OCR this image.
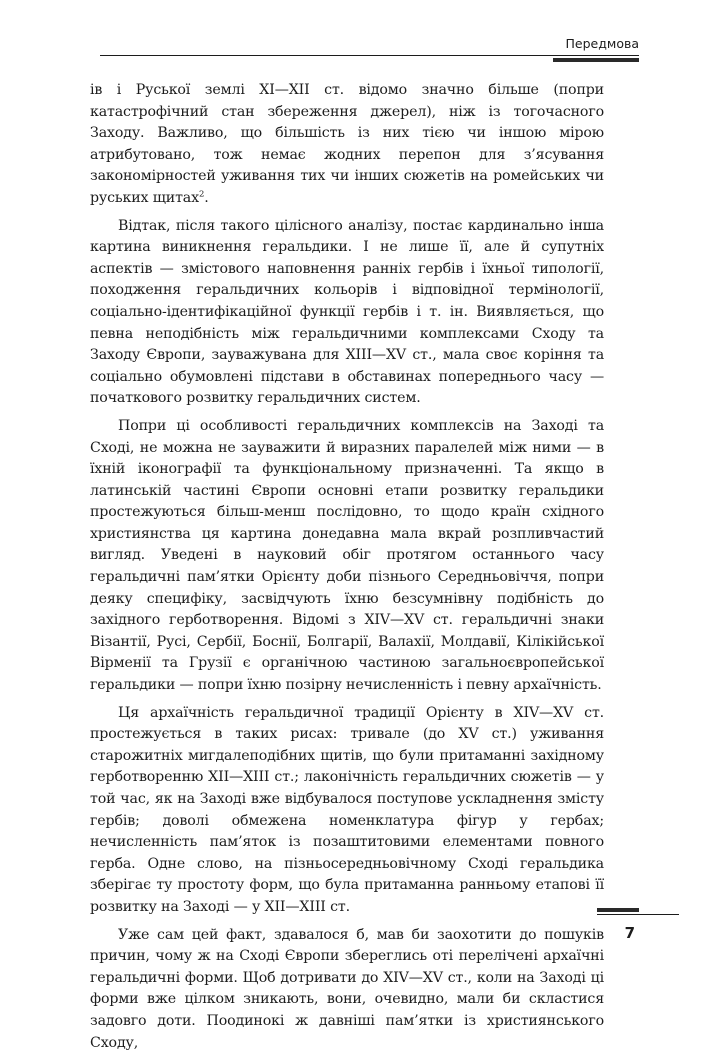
Передмова

ів і Руської землі XI—XII ст. відомо значно більше (попри катастрофічний стан збереження джерел), ніж із тогочасного Заходу. Важливо, що більшість із них тією чи іншою мірою атрибутовано, тож немає жодних перепон для з’ясування закономірностей уживання тих чи інших сюжетів на ромейських чи руських щитах$^2$.

Відтак, після такого цілісного аналізу, постає кардинально інша картина виникнення геральдики. І не лише її, але й супутніх аспектів — змістового наповнення ранніх гербів і їхньої типології, походження геральдичних кольорів і відповідної термінології, соціально-ідентифікаційної функції гербів і т. ін. Виявляється, що певна неподібність між геральдичними комплексами Сходу та Заходу Європи, зауважувана для XIII—XV ст., мала своє коріння та соціально обумовлені підстави в обставинах попереднього часу — початкового розвитку геральдичних систем.

Попри ці особливості геральдичних комплексів на Заході та Сході, не можна не зауважити й виразних паралелей між ними — в їхній іконографії та функціональному призначенні. Та якщо в латинській частині Європи основні етапи розвитку геральдики простежуються більш-менш послідовно, то щодо країн східного християнства ця картина донедавна мала вкрай розпливчастий вигляд. Уведені в науковий обіг протягом останнього часу геральдичні пам’ятки Орієнту доби пізнього Середньовіччя, попри деяку специфіку, засвідчують їхню безсумнівну подібність до західного герботворення. Відомі з XIV—XV ст. геральдичні знаки Візантії, Русі, Сербії, Боснії, Болгарії, Валахії, Молдавії, Кілікійської Вірменії та Грузії є органічною частиною загальноєвропейської геральдики — попри їхню позірну нечисленність і певну архаїчність.

Ця архаїчність геральдичної традиції Орієнту в XIV—XV ст. простежується в таких рисах: тривале (до XV ст.) уживання старожитніх мигдалеподібних щитів, що були притаманні західному герботворенню XII—XIII ст.; лаконічність геральдичних сюжетів — у той час, як на Заході вже відбувалося поступове ускладнення змісту гербів; доволі обмежена номенклатура фігур у гербах; нечисленність пам’яток із позаштитовими елементами повного герба. Одне слово, на пізньосередньовічному Сході геральдика зберігає ту простоту форм, що була притаманна ранньому етапові її розвитку на Заході — у XII—XIII ст.

Уже сам цей факт, здавалося б, мав би заохотити до пошуків причин, чому ж на Сході Європи збереглись оті перелічені архаїчні геральдичні форми. Щоб дотривати до XIV—XV ст., коли на Заході ці форми вже цілком зникають, вони, очевидно, мали би скластися задовго доти. Поодинокі ж давніші пам’ятки із християнського Сходу,

7
